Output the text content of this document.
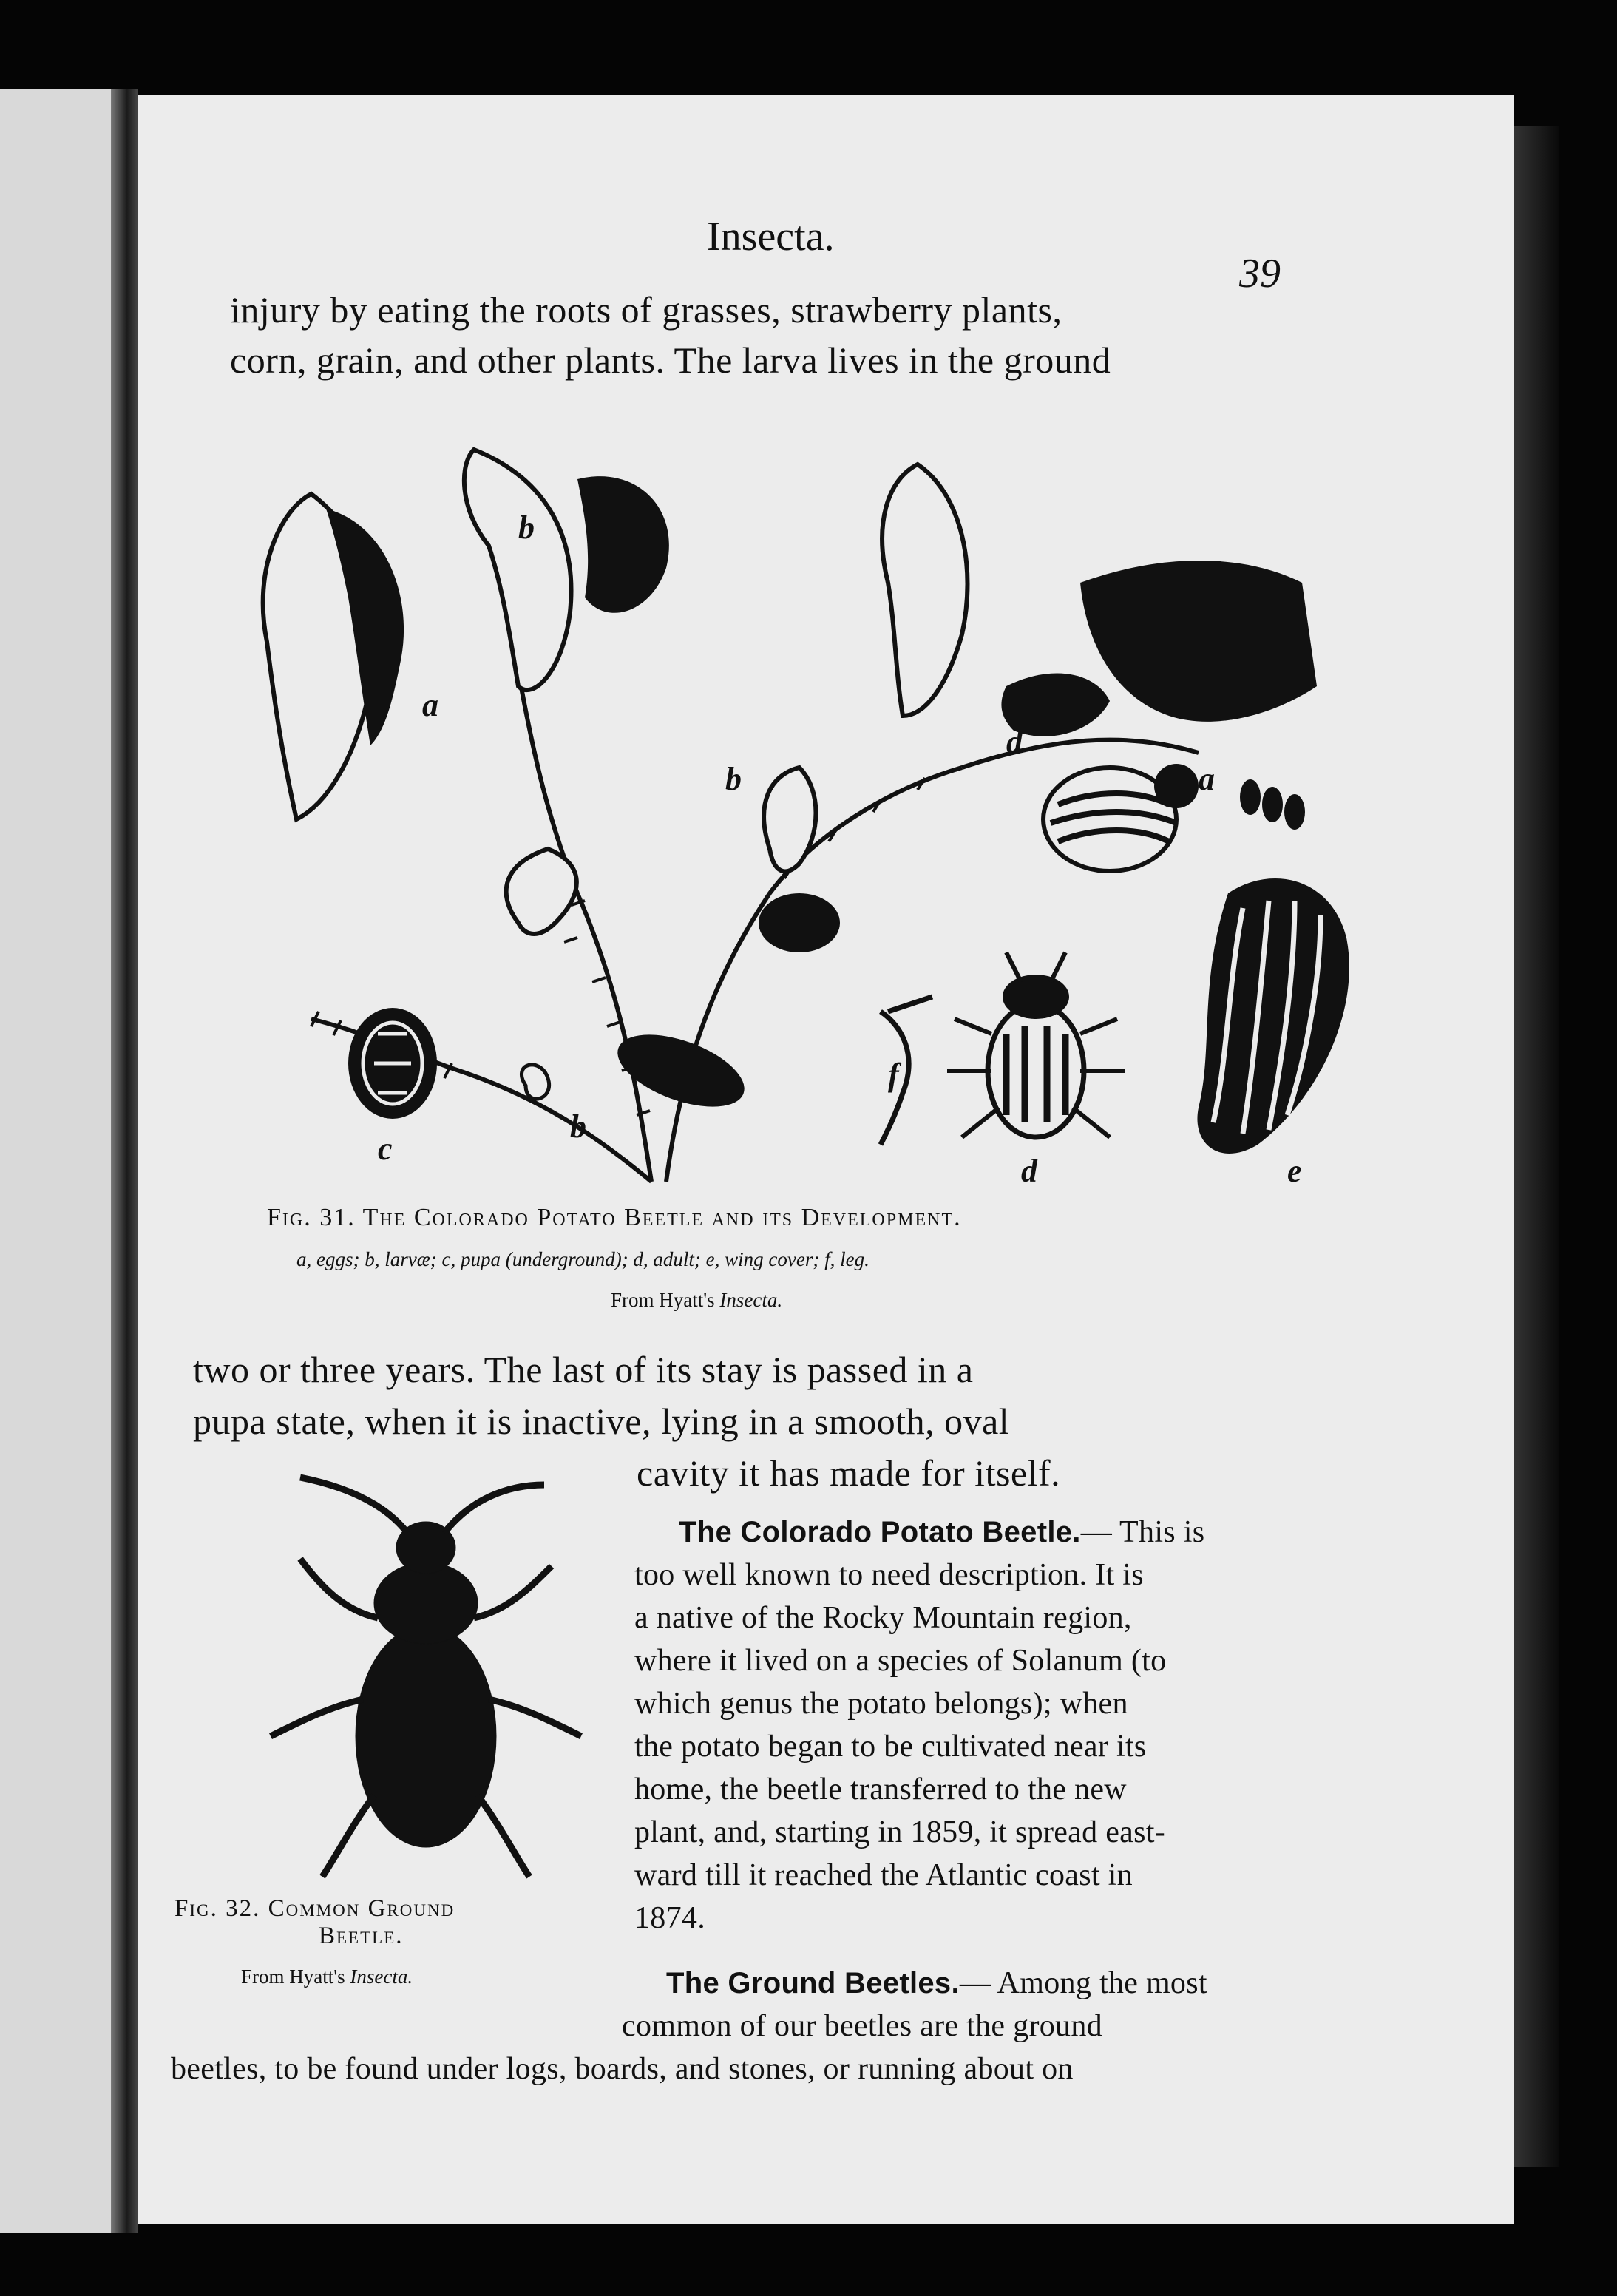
Insecta.
39
injury by eating the roots of grasses, strawberry plants,
corn, grain, and other plants. The larva lives in the ground
b
a
b
d
a
c
b
f
d	e
Fig. 31. The Colorado Potato Beetle and its Development.
a, eggs; b, larvæ; c, pupa (underground); d, adult; e, wing cover; f, leg.
From Hyatt's Insecta.
two or three years. The last of its stay is passed in a
pupa state, when it is inactive, lying in a smooth, oval
cavity it has made for itself.
Fig. 32. Common Ground
Beetle.
From Hyatt's Insecta.
The Colorado Potato Beetle.— This is
too well known to need description. It is
a native of the Rocky Mountain region,
where it lived on a species of Solanum (to
which genus the potato belongs); when
the potato began to be cultivated near its
home, the beetle transferred to the new
plant, and, starting in 1859, it spread east-
ward till it reached the Atlantic coast in
1874.
The Ground Beetles.— Among the most
common of our beetles are the ground
beetles, to be found under logs, boards, and stones, or running about on
